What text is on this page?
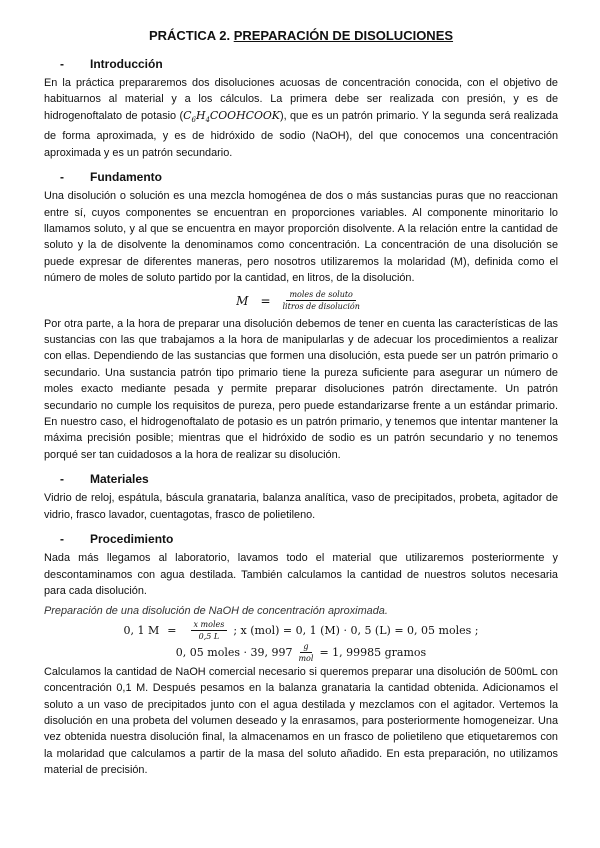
PRÁCTICA 2. PREPARACIÓN DE DISOLUCIONES
-	Introducción

En la práctica prepararemos dos disoluciones acuosas de concentración conocida, con el objetivo de habituarnos al material y a los cálculos. La primera debe ser realizada con presión, y es de hidrogenoftalato de potasio $(C_6H_4COOHCOOK)$, que es un patrón primario. Y la segunda será realizada de forma aproximada, y es de hidróxido de sodio (NaOH), del que conocemos una concentración aproximada y es un patrón secundario.

-	Fundamento

Una disolución o solución es una mezcla homogénea de dos o más sustancias puras que no reaccionan entre sí, cuyos componentes se encuentran en proporciones variables. Al componente minoritario lo llamamos soluto, y al que se encuentra en mayor proporción disolvente. A la relación entre la cantidad de soluto y la de disolvente la denominamos como concentración. La concentración de una disolución se puede expresar de diferentes maneras, pero nosotros utilizaremos la molaridad (M), definida como el número de moles de soluto partido por la cantidad, en litros, de la disolución.

$M = \frac{\text{moles de soluto}}{\text{litros de disolución}}$

Por otra parte, a la hora de preparar una disolución debemos de tener en cuenta las características de las sustancias con las que trabajamos a la hora de manipularlas y de adecuar los procedimientos a realizar con ellas. Dependiendo de las sustancias que formen una disolución, esta puede ser un patrón primario o secundario. Una sustancia patrón tipo primario tiene la pureza suficiente para asegurar un número de moles exacto mediante pesada y permite preparar disoluciones patrón directamente. Un patrón secundario no cumple los requisitos de pureza, pero puede estandarizarse frente a un estándar primario. En nuestro caso, el hidrogenoftalato de potasio es un patrón primario, y tenemos que intentar mantener la máxima precisión posible; mientras que el hidróxido de sodio es un patrón secundario y no tenemos porqué ser tan cuidadosos a la hora de realizar su disolución.

-	Materiales

Vidrio de reloj, espátula, báscula granataria, balanza analítica, vaso de precipitados, probeta, agitador de vidrio, frasco lavador, cuentagotas, frasco de polietileno.

-	Procedimiento

Nada más llegamos al laboratorio, lavamos todo el material que utilizaremos posteriormente y descontaminamos con agua destilada. También calculamos la cantidad de nuestros solutos necesaria para cada disolución.

Preparación de una disolución de NaOH de concentración aproximada.

0, 1 $M = \frac{\text{x moles}}{0,5 L}$ ; x (mol) = 0, 1 (M) · 0, 5 (L) = 0, 05 moles ;
0, 05 moles · 39, $997 \frac{g}{\text{mol}} = 1$, 99985 gramos

Calculamos la cantidad de NaOH comercial necesario si queremos preparar una disolución de 500mL con concentración 0,1 M. Después pesamos en la balanza granataria la cantidad obtenida. Adicionamos el soluto a un vaso de precipitados junto con el agua destilada y mezclamos con el agitador. Vertemos la disolución en una probeta del volumen deseado y la enrasamos, para posteriormente homogeneizar. Una vez obtenida nuestra disolución final, la almacenamos en un frasco de polietileno que etiquetaremos con la molaridad que calculamos a partir de la masa del soluto añadido. En esta preparación, no utilizamos material de precisión.
